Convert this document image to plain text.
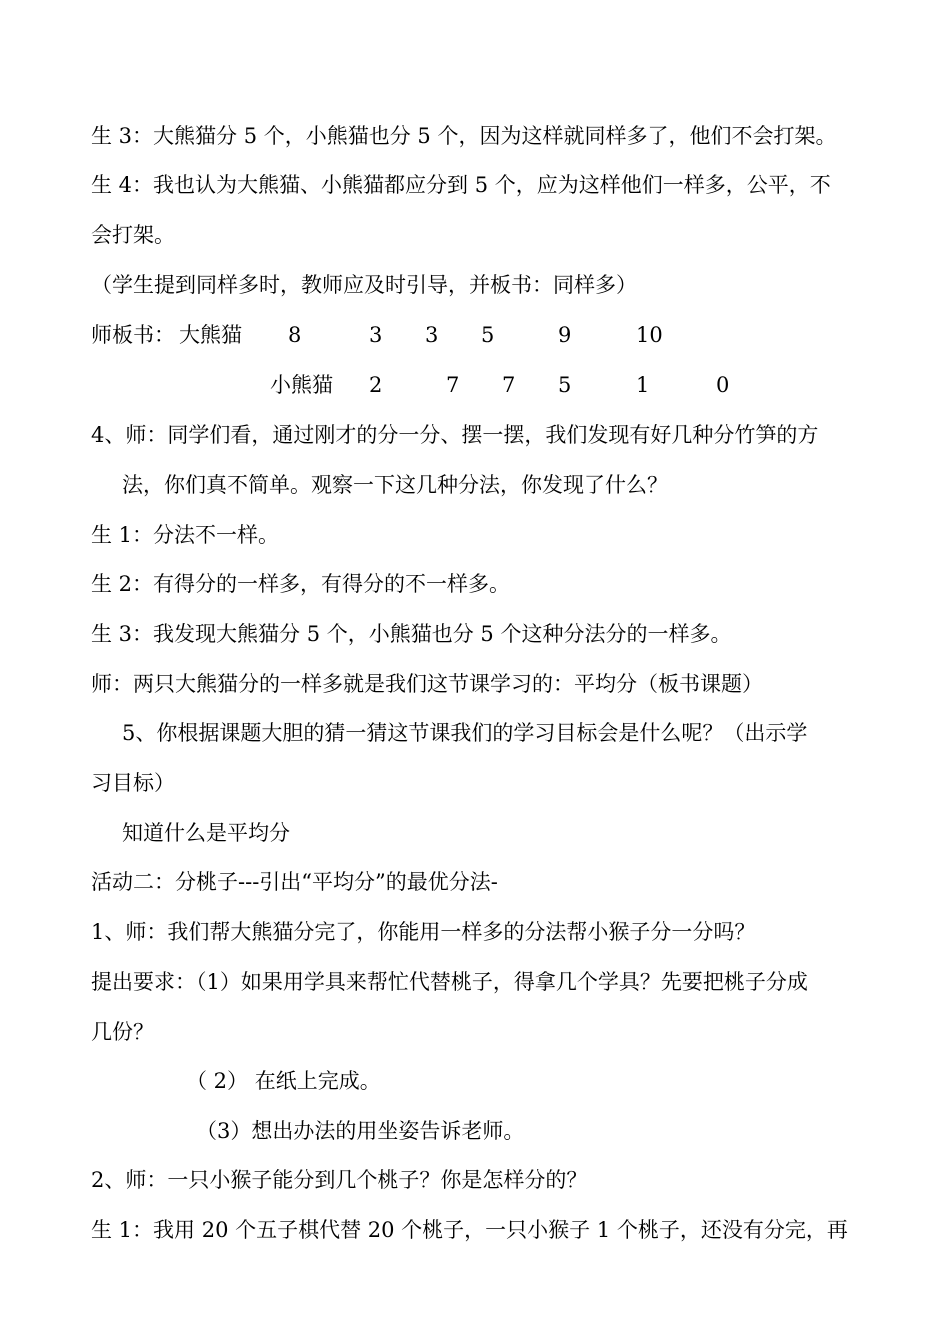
生 3：大熊猫分 5 个，小熊猫也分 5 个，因为这样就同样多了，他们不会打架。
生 4：我也认为大熊猫、小熊猫都应分到 5 个，应为这样他们一样多，公平，不
会打架。
（学生提到同样多时，教师应及时引导，并板书：同样多）
师板书： 大熊猫 8	3 3 5	9	10
小熊猫 2	7 7 5	1	0
4、师：同学们看，通过刚才的分一分、摆一摆，我们发现有好几种分竹笋的方
法，你们真不简单。观察一下这几种分法，你发现了什么？
生 1：分法不一样。
生 2：有得分的一样多，有得分的不一样多。
生 3：我发现大熊猫分 5 个，小熊猫也分 5 个这种分法分的一样多。
师：两只大熊猫分的一样多就是我们这节课学习的：平均分（板书课题）
5、你根据课题大胆的猜一猜这节课我们的学习目标会是什么呢？（出示学
习目标）
知道什么是平均分
活动二：分桃子---引出“平均分”的最优分法-
1、师：我们帮大熊猫分完了，你能用一样多的分法帮小猴子分一分吗？
提出要求：（1）如果用学具来帮忙代替桃子，得拿几个学具？先要把桃子分成
几份？
（ 2） 在纸上完成。
（3）想出办法的用坐姿告诉老师。
2、师：一只小猴子能分到几个桃子？你是怎样分的？
生 1：我用 20 个五子棋代替 20 个桃子，一只小猴子 1 个桃子，还没有分完，再
